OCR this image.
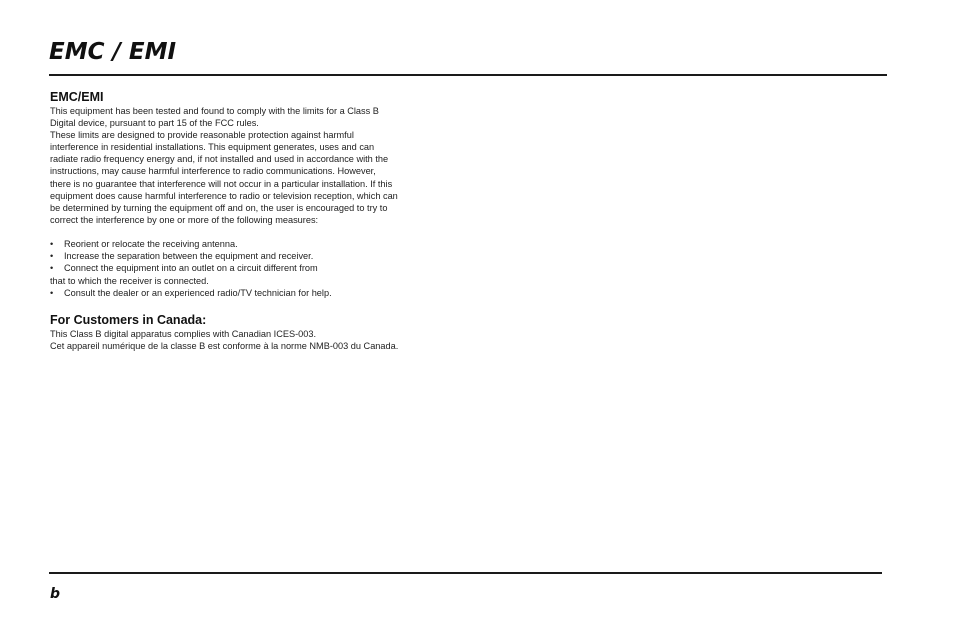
EMC / EMI
EMC/EMI

This equipment has been tested and found to comply with the limits for a Class B
Digital device, pursuant to part 15 of the FCC rules.
These limits are designed to provide reasonable protection against harmful
interference in residential installations. This equipment generates, uses and can
radiate radio frequency energy and, if not installed and used in accordance with the
instructions, may cause harmful interference to radio communications. However,
there is no guarantee that interference will not occur in a particular installation. If this
equipment does cause harmful interference to radio or television reception, which can
be determined by turning the equipment off and on, the user is encouraged to try to
correct the interference by one or more of the following measures:

• Reorient or relocate the receiving antenna.
• Increase the separation between the equipment and receiver.
• Connect the equipment into an outlet on a circuit different from
that to which the receiver is connected.
• Consult the dealer or an experienced radio/TV technician for help.
For Customers in Canada:

This Class B digital apparatus complies with Canadian ICES-003.
Cet appareil numérique de la classe B est conforme à la norme NMB-003 du Canada.

b
